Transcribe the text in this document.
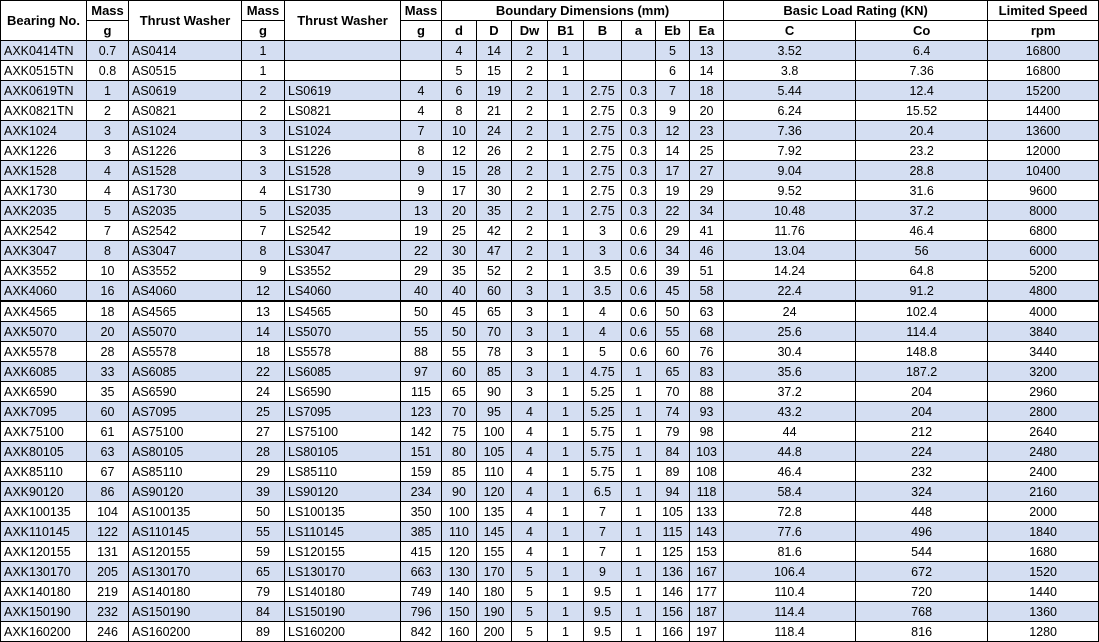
Bearing No.	Mass	Thrust Washer	Mass	Thrust Washer	Mass	Boundary Dimensions (mm)								Basic Load Rating (KN)		Limited Speed
	g		g		g	d	D	Dw	B1	B	a	Eb	Ea	C	Co	rpm
AXK0414TN	0.7	AS0414	1			4	14	2	1			5	13	3.52	6.4	16800
AXK0515TN	0.8	AS0515	1			5	15	2	1			6	14	3.8	7.36	16800
AXK0619TN	1	AS0619	2	LS0619	4	6	19	2	1	2.75	0.3	7	18	5.44	12.4	15200
AXK0821TN	2	AS0821	2	LS0821	4	8	21	2	1	2.75	0.3	9	20	6.24	15.52	14400
AXK1024	3	AS1024	3	LS1024	7	10	24	2	1	2.75	0.3	12	23	7.36	20.4	13600
AXK1226	3	AS1226	3	LS1226	8	12	26	2	1	2.75	0.3	14	25	7.92	23.2	12000
AXK1528	4	AS1528	3	LS1528	9	15	28	2	1	2.75	0.3	17	27	9.04	28.8	10400
AXK1730	4	AS1730	4	LS1730	9	17	30	2	1	2.75	0.3	19	29	9.52	31.6	9600
AXK2035	5	AS2035	5	LS2035	13	20	35	2	1	2.75	0.3	22	34	10.48	37.2	8000
AXK2542	7	AS2542	7	LS2542	19	25	42	2	1	3	0.6	29	41	11.76	46.4	6800
AXK3047	8	AS3047	8	LS3047	22	30	47	2	1	3	0.6	34	46	13.04	56	6000
AXK3552	10	AS3552	9	LS3552	29	35	52	2	1	3.5	0.6	39	51	14.24	64.8	5200
AXK4060	16	AS4060	12	LS4060	40	40	60	3	1	3.5	0.6	45	58	22.4	91.2	4800
AXK4565	18	AS4565	13	LS4565	50	45	65	3	1	4	0.6	50	63	24	102.4	4000
AXK5070	20	AS5070	14	LS5070	55	50	70	3	1	4	0.6	55	68	25.6	114.4	3840
AXK5578	28	AS5578	18	LS5578	88	55	78	3	1	5	0.6	60	76	30.4	148.8	3440
AXK6085	33	AS6085	22	LS6085	97	60	85	3	1	4.75	1	65	83	35.6	187.2	3200
AXK6590	35	AS6590	24	LS6590	115	65	90	3	1	5.25	1	70	88	37.2	204	2960
AXK7095	60	AS7095	25	LS7095	123	70	95	4	1	5.25	1	74	93	43.2	204	2800
AXK75100	61	AS75100	27	LS75100	142	75	100	4	1	5.75	1	79	98	44	212	2640
AXK80105	63	AS80105	28	LS80105	151	80	105	4	1	5.75	1	84	103	44.8	224	2480
AXK85110	67	AS85110	29	LS85110	159	85	110	4	1	5.75	1	89	108	46.4	232	2400
AXK90120	86	AS90120	39	LS90120	234	90	120	4	1	6.5	1	94	118	58.4	324	2160
AXK100135	104	AS100135	50	LS100135	350	100	135	4	1	7	1	105	133	72.8	448	2000
AXK110145	122	AS110145	55	LS110145	385	110	145	4	1	7	1	115	143	77.6	496	1840
AXK120155	131	AS120155	59	LS120155	415	120	155	4	1	7	1	125	153	81.6	544	1680
AXK130170	205	AS130170	65	LS130170	663	130	170	5	1	9	1	136	167	106.4	672	1520
AXK140180	219	AS140180	79	LS140180	749	140	180	5	1	9.5	1	146	177	110.4	720	1440
AXK150190	232	AS150190	84	LS150190	796	150	190	5	1	9.5	1	156	187	114.4	768	1360
AXK160200	246	AS160200	89	LS160200	842	160	200	5	1	9.5	1	166	197	118.4	816	1280
